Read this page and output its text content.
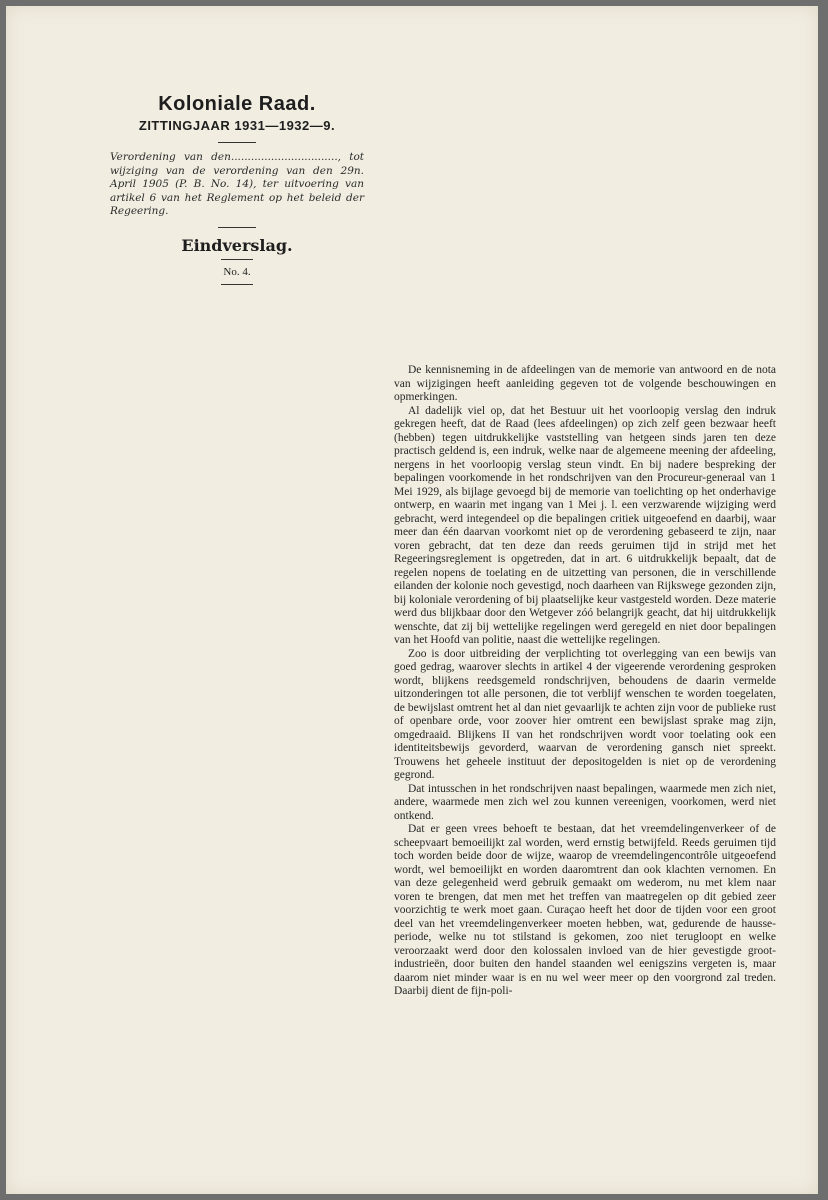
Koloniale Raad.
ZITTINGJAAR 1931—1932—9.

Verordening van den................................, tot wijziging van de verordening van den 29n. April 1905 (P. B. No. 14), ter uitvoering van artikel 6 van het Reglement op het beleid der Regeering.

Eindverslag.
No. 4.

De kennisneming in de afdeelingen van de memorie van antwoord en de nota van wijzigingen heeft aanleiding gegeven tot de volgende beschouwingen en opmerkingen.

Al dadelijk viel op, dat het Bestuur uit het voorloopig verslag den indruk gekregen heeft, dat de Raad (lees afdeelingen) op zich zelf geen bezwaar heeft (hebben) tegen uitdrukkelijke vaststelling van hetgeen sinds jaren ten deze practisch geldend is, een indruk, welke naar de algemeene meening der afdeeling, nergens in het voorloopig verslag steun vindt. En bij nadere bespreking der bepalingen voorkomende in het rondschrijven van den Procureur-generaal van 1 Mei 1929, als bijlage gevoegd bij de memorie van toelichting op het onderhavige ontwerp, en waarin met ingang van 1 Mei j. l. een verzwarende wijziging werd gebracht, werd integendeel op die bepalingen critiek uitgeoefend en daarbij, waar meer dan één daarvan voorkomt niet op de verordening gebaseerd te zijn, naar voren gebracht, dat ten deze dan reeds geruimen tijd in strijd met het Regeeringsreglement is opgetreden, dat in art. 6 uitdrukkelijk bepaalt, dat de regelen nopens de toelating en de uitzetting van personen, die in verschillende eilanden der kolonie noch gevestigd, noch daarheen van Rijkswege gezonden zijn, bij koloniale verordening of bij plaatselijke keur vastgesteld worden. Deze materie werd dus blijkbaar door den Wetgever zóó belangrijk geacht, dat hij uitdrukkelijk wenschte, dat zij bij wettelijke regelingen werd geregeld en niet door bepalingen van het Hoofd van politie, naast die wettelijke regelingen.

Zoo is door uitbreiding der verplichting tot overlegging van een bewijs van goed gedrag, waarover slechts in artikel 4 der vigeerende verordening gesproken wordt, blijkens reedsgemeld rondschrijven, behoudens de daarin vermelde uitzonderingen tot alle personen, die tot verblijf wenschen te worden toegelaten, de bewijslast omtrent het al dan niet gevaarlijk te achten zijn voor de publieke rust of openbare orde, voor zoover hier omtrent een bewijslast sprake mag zijn, omgedraaid. Blijkens II van het rondschrijven wordt voor toelating ook een identiteitsbewijs gevorderd, waarvan de verordening gansch niet spreekt. Trouwens het geheele instituut der depositogelden is niet op de verordening gegrond.

Dat intusschen in het rondschrijven naast bepalingen, waarmede men zich niet, andere, waarmede men zich wel zou kunnen vereenigen, voorkomen, werd niet ontkend.

Dat er geen vrees behoeft te bestaan, dat het vreemdelingenverkeer of de scheepvaart bemoeilijkt zal worden, werd ernstig betwijfeld. Reeds geruimen tijd toch worden beide door de wijze, waarop de vreemdelingencontrôle uitgeoefend wordt, wel bemoeilijkt en worden daaromtrent dan ook klachten vernomen. En van deze gelegenheid werd gebruik gemaakt om wederom, nu met klem naar voren te brengen, dat men met het treffen van maatregelen op dit gebied zeer voorzichtig te werk moet gaan. Curaçao heeft het door de tijden voor een groot deel van het vreemdelingenverkeer moeten hebben, wat, gedurende de hausse-periode, welke nu tot stilstand is gekomen, zoo niet terugloopt en welke veroorzaakt werd door den kolossalen invloed van de hier gevestigde groot-industrieën, door buiten den handel staanden wel eenigszins vergeten is, maar daarom niet minder waar is en nu wel weer meer op den voorgrond zal treden. Daarbij dient de fijn-poli-
